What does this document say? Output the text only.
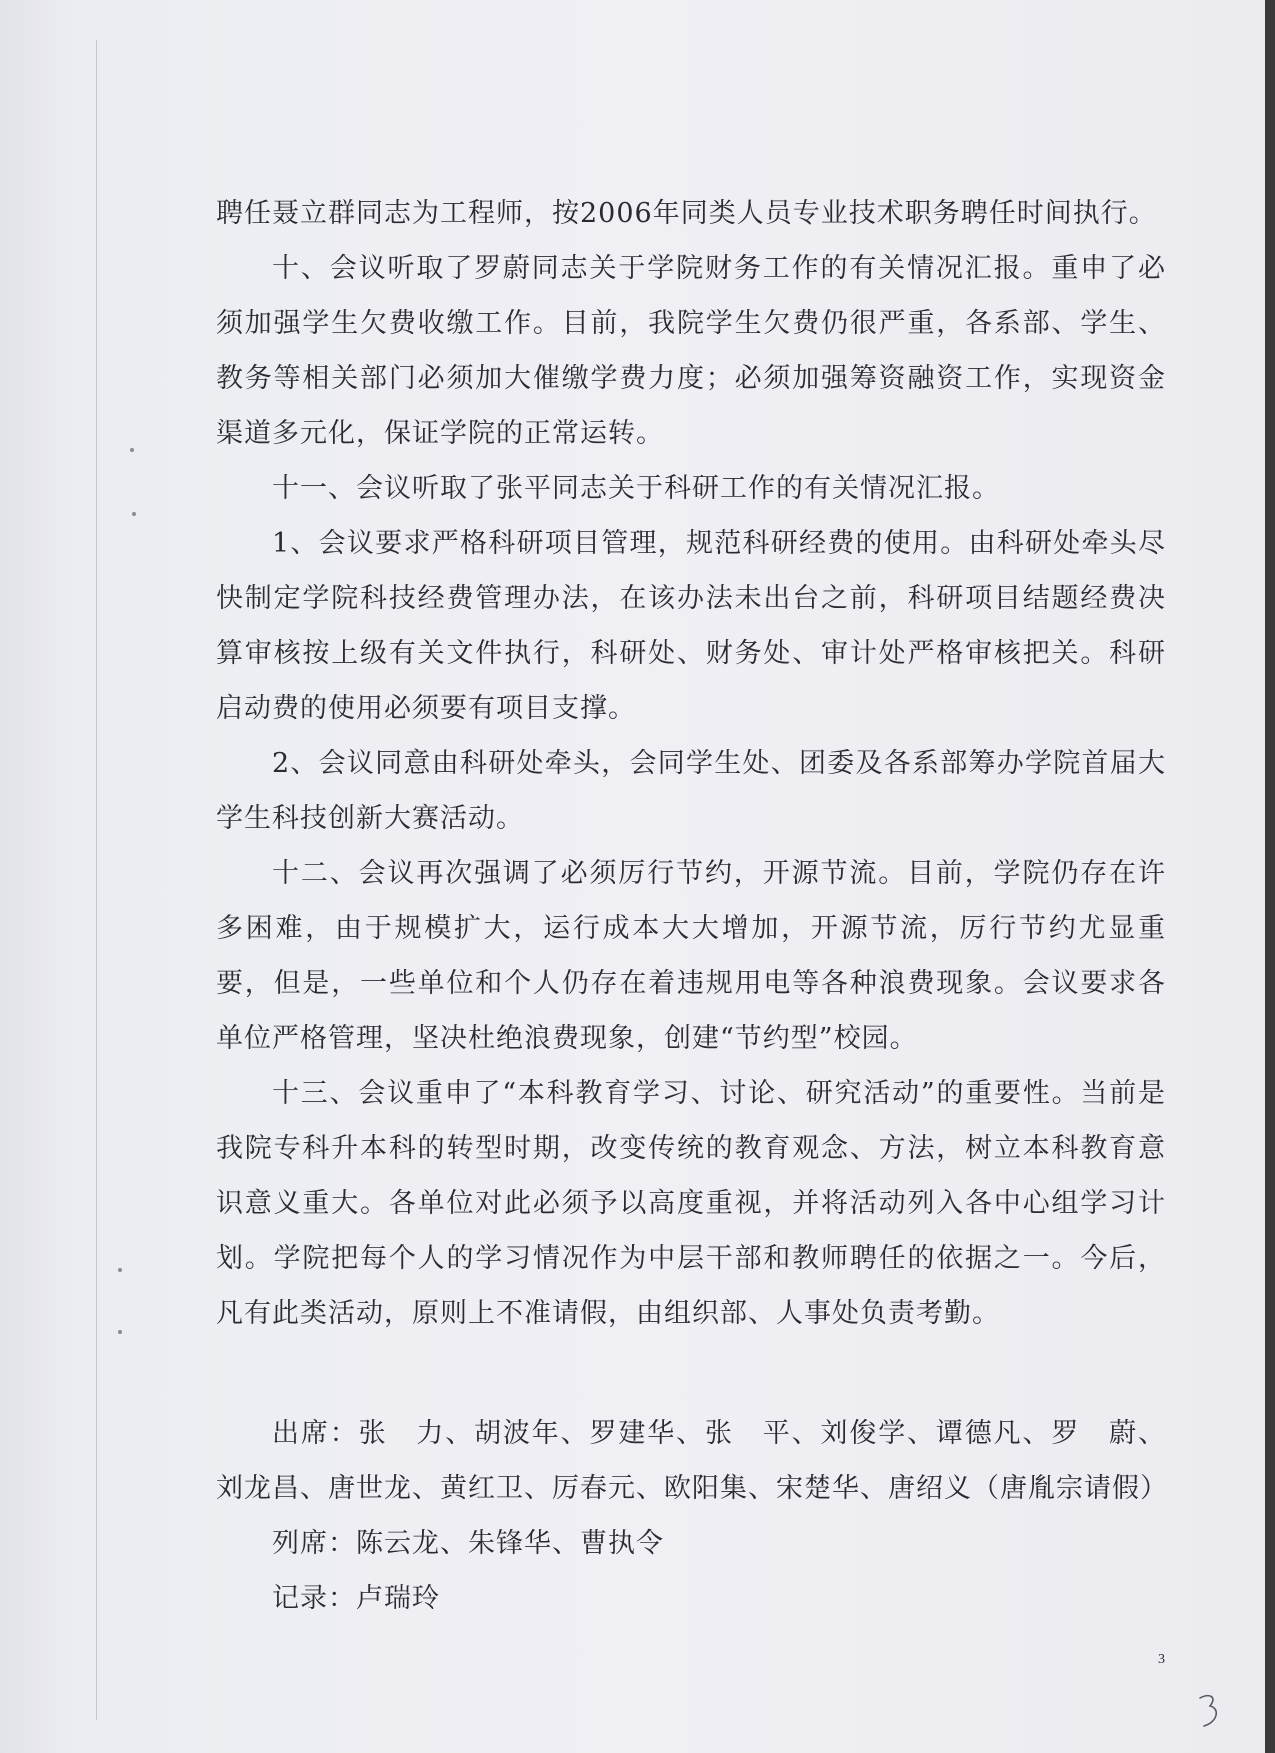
聘任聂立群同志为工程师，按2006年同类人员专业技术职务聘任时间执行。

十、会议听取了罗蔚同志关于学院财务工作的有关情况汇报。重申了必须加强学生欠费收缴工作。目前，我院学生欠费仍很严重，各系部、学生、教务等相关部门必须加大催缴学费力度；必须加强筹资融资工作，实现资金渠道多元化，保证学院的正常运转。

十一、会议听取了张平同志关于科研工作的有关情况汇报。

1、会议要求严格科研项目管理，规范科研经费的使用。由科研处牵头尽快制定学院科技经费管理办法，在该办法未出台之前，科研项目结题经费决算审核按上级有关文件执行，科研处、财务处、审计处严格审核把关。科研启动费的使用必须要有项目支撑。

2、会议同意由科研处牵头，会同学生处、团委及各系部筹办学院首届大学生科技创新大赛活动。

十二、会议再次强调了必须厉行节约，开源节流。目前，学院仍存在许多困难，由于规模扩大，运行成本大大增加，开源节流，厉行节约尤显重要，但是，一些单位和个人仍存在着违规用电等各种浪费现象。会议要求各单位严格管理，坚决杜绝浪费现象，创建“节约型”校园。

十三、会议重申了“本科教育学习、讨论、研究活动”的重要性。当前是我院专科升本科的转型时期，改变传统的教育观念、方法，树立本科教育意识意义重大。各单位对此必须予以高度重视，并将活动列入各中心组学习计划。学院把每个人的学习情况作为中层干部和教师聘任的依据之一。今后，凡有此类活动，原则上不准请假，由组织部、人事处负责考勤。

出席：张　力、胡波年、罗建华、张　平、刘俊学、谭德凡、罗　蔚、刘龙昌、唐世龙、黄红卫、厉春元、欧阳集、宋楚华、唐绍义（唐胤宗请假）

列席：陈云龙、朱锋华、曹执令

记录：卢瑞玲

3
